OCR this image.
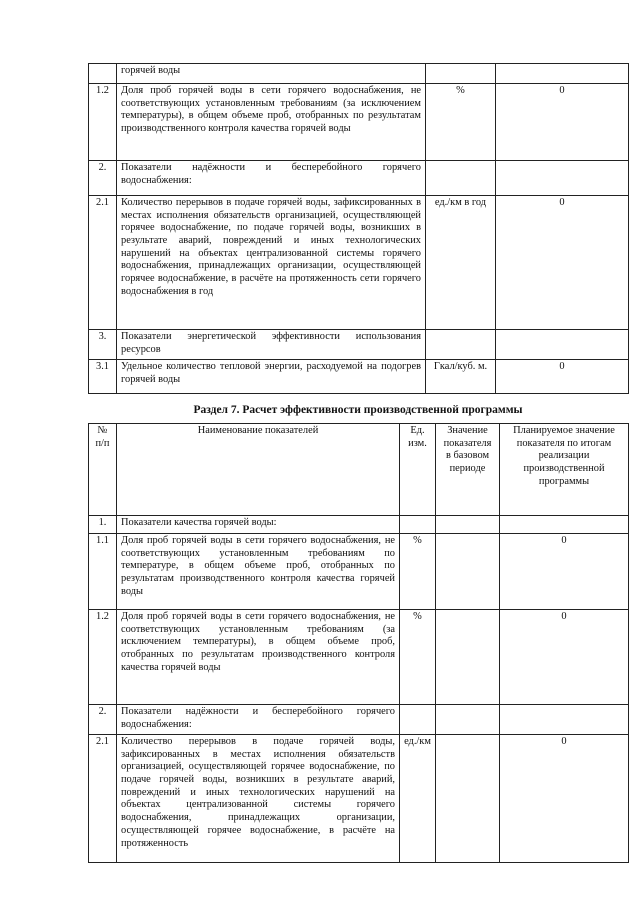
	горячей воды		
1.2	Доля проб горячей воды в сети горячего водоснабжения, не соответствующих установленным требованиям (за исключением температуры), в общем объеме проб, отобранных по результатам производственного контроля качества горячей воды	%	0
2.	Показатели надёжности и бесперебойного горячего водоснабжения:		
2.1	Количество перерывов в подаче горячей воды, зафиксированных в местах исполнения обязательств организацией, осуществляющей горячее водоснабжение, по подаче горячей воды, возникших в результате аварий, повреждений и иных технологических нарушений на объектах централизованной системы горячего водоснабжения, принадлежащих организации, осуществляющей горячее водоснабжение, в расчёте на протяженность сети горячего водоснабжения в год	ед./км в год	0
3.	Показатели энергетической эффективности использования ресурсов		
3.1	Удельное количество тепловой энергии, расходуемой на подогрев горячей воды	Гкал/куб. м.	0
Раздел 7. Расчет эффективности производственной программы
№ п/п	Наименование показателей	Ед. изм.	Значение показателя в базовом периоде	Планируемое значение показателя по итогам реализации производственной программы
1.	Показатели качества горячей воды:			
1.1	Доля проб горячей воды в сети горячего водоснабжения, не соответствующих установленным требованиям по температуре, в общем объеме проб, отобранных по результатам производственного контроля качества горячей воды	%		0
1.2	Доля проб горячей воды в сети горячего водоснабжения, не соответствующих установленным требованиям (за исключением температуры), в общем объеме проб, отобранных по результатам производственного контроля качества горячей воды	%		0
2.	Показатели надёжности и бесперебойного горячего водоснабжения:			
2.1	Количество перерывов в подаче горячей воды, зафиксированных в местах исполнения обязательств организацией, осуществляющей горячее водоснабжение, по подаче горячей воды, возникших в результате аварий, повреждений и иных технологических нарушений на объектах централизованной системы горячего водоснабжения, принадлежащих организации, осуществляющей горячее водоснабжение, в расчёте на протяженность	ед./км		0
